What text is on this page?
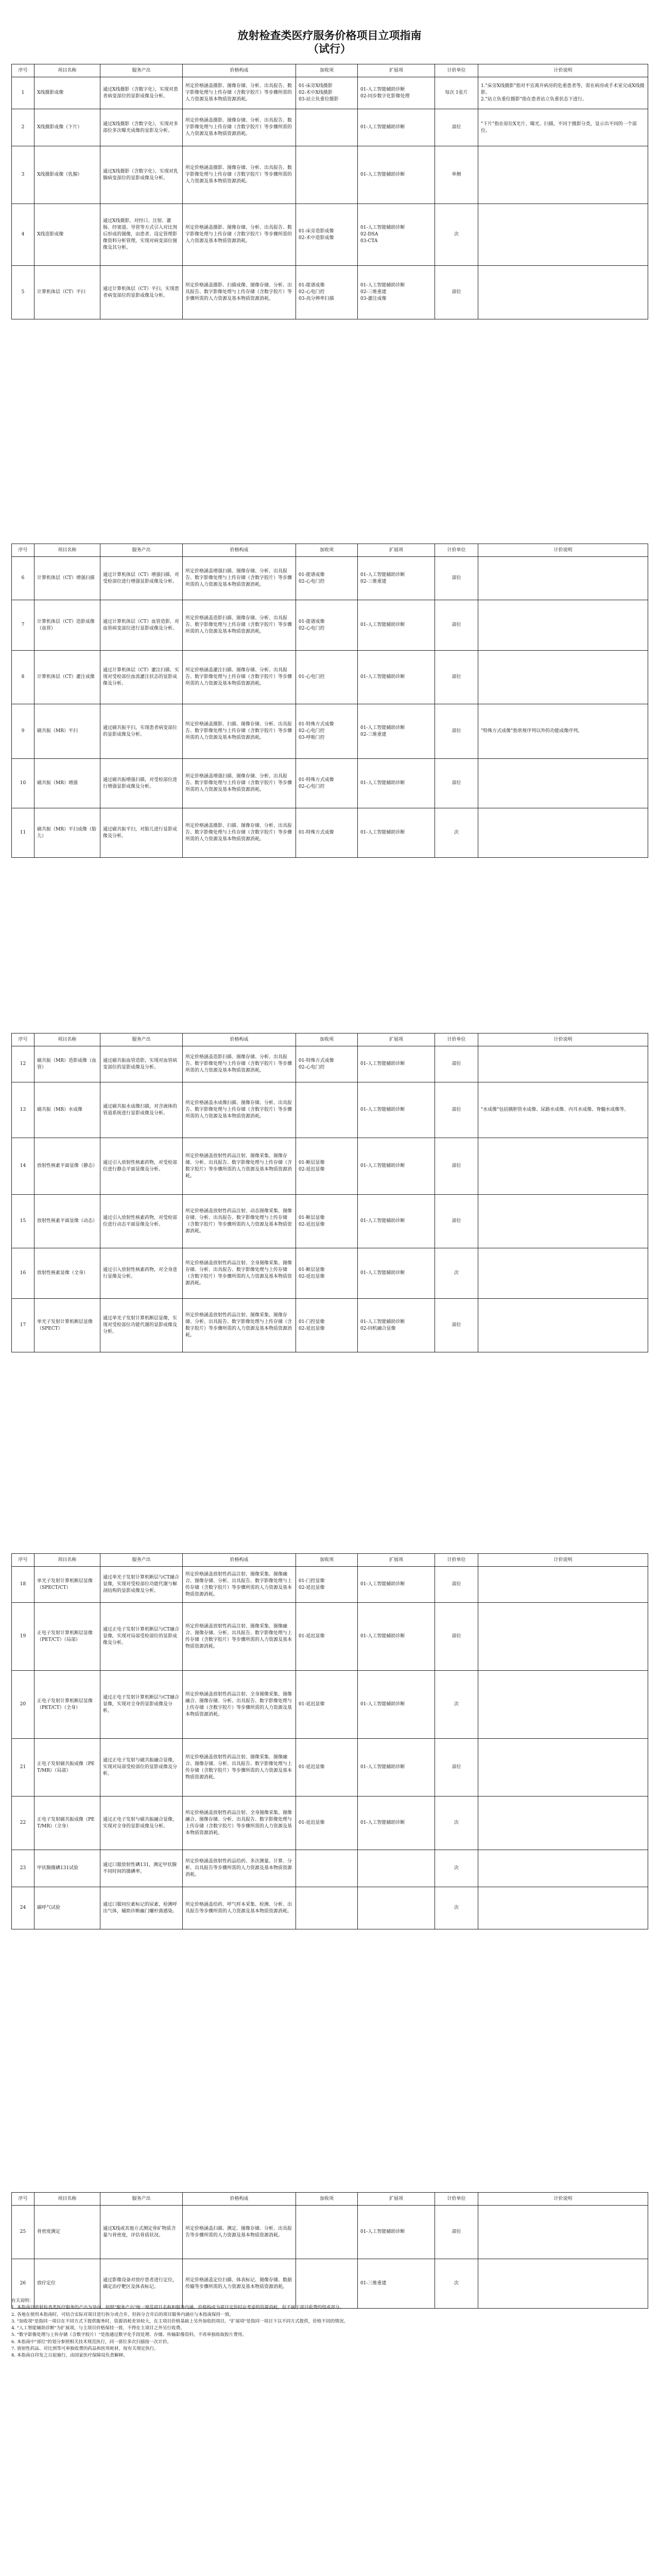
放射检查类医疗服务价格项目立项指南
（试行）
序号	项目名称	服务产出	价格构成	加收项	扩展项	计价单位	计价说明
1	X线摄影成像	通过X线摄影（含数字化），实现对患者病变部位的显影成像及分析。	所定价格涵盖摄影、图像存储、分析、出具报告、数字影像处理与上传存储（含数字胶片）等步骤所需的人力资源及基本物质资源消耗。	01-床旁X线摄影
02-术中X线摄影
03-站立负重位摄影	01-人工智能辅助诊断
02-同步数字化影像处理	每次 1张片	1."床旁X线摄影"指对不宜离开病房的危重患者等，需在病房或手术室完成X线摄影。
2."站立负重位摄影"指在患者站立负重状态下进行。
2	X线摄影成像（下片）	通过X线摄影（含数字化），实现对多部位多次曝光成像的显影及分析。	所定价格涵盖摄影、图像存储、分析、出具报告、数字影像处理与上传存储（含数字胶片）等步骤所需的人力资源及基本物质资源消耗。		01-人工智能辅助诊断	部位	"下片"指在原位X光片、曝光、扫描，不同于摄影分类，显示出不同的一个部位。
3	X线摄影成像（乳腺）	通过X线摄影（含数字化），实现对乳腺病变部位的显影成像及分析。	所定价格涵盖摄影、图像存储、分析、出具报告、数字影像处理与上传存储（含数字胶片）等步骤所需的人力资源及基本物质资源消耗。		01-人工智能辅助诊断	单侧	
4	X线造影成像	通过X线摄影，对经口、注射、灌肠、经窦道、导管等方式引入对比剂后形成的图像，由患者、设定管理影像资料分析管理，实现对病变部位图像及其分析。	所定价格涵盖摄影、图像存储、分析、出具报告、数字影像处理与上传存储（含数字胶片）等步骤所需的人力资源及基本物质资源消耗。	01-床旁造影成像
02-术中造影成像	01-人工智能辅助诊断
02-DSA
03-CTA	次	
5	计算机体层（CT）平扫	通过计算机体层（CT）平扫，实现患者病变部位的显影成像及分析。	所定价格涵盖摄影、扫描成像、图像存储、分析、出具报告、数字影像处理与上传存储（含数字胶片）等步骤所需的人力资源及基本物质资源消耗。	01-能谱成像
02-心电门控
03-高分辨率扫描	01-人工智能辅助诊断
02-三维重建
03-灌注成像	部位	
序号	项目名称	服务产出	价格构成	加收项	扩展项	计价单位	计价说明
6	计算机体层（CT）增强扫描	通过计算机体层（CT）增强扫描，对受检部位进行增强显影成像及分析。	所定价格涵盖增强扫描、图像存储、分析、出具报告、数字影像处理与上传存储（含数字胶片）等步骤所需的人力资源及基本物质资源消耗。	01-能谱成像
02-心电门控	01-人工智能辅助诊断
02-三维重建	部位	
7	计算机体层（CT）造影成像（血管）	通过计算机体层（CT）血管造影，对血管病变部位进行显影成像及分析。	所定价格涵盖造影扫描、图像存储、分析、出具报告、数字影像处理与上传存储（含数字胶片）等步骤所需的人力资源及基本物质资源消耗。	01-能谱成像
02-心电门控	01-人工智能辅助诊断	部位	
8	计算机体层（CT）灌注成像	通过计算机体层（CT）灌注扫描，实现对受检部位血流灌注状态的显影成像及分析。	所定价格涵盖灌注扫描、图像存储、分析、出具报告、数字影像处理与上传存储（含数字胶片）等步骤所需的人力资源及基本物质资源消耗。	01-心电门控	01-人工智能辅助诊断	部位	
9	磁共振（MR）平扫	通过磁共振平扫，实现患者病变部位的显影成像及分析。	所定价格涵盖摄影、扫描、图像存储、分析、出具报告、数字影像处理与上传存储（含数字胶片）等步骤所需的人力资源及基本物质资源消耗。	01-特殊方式成像
02-心电门控
03-呼吸门控	01-人工智能辅助诊断
02-三维重建	部位	"特殊方式成像"指常规序列以外的功能成像序列。
10	磁共振（MR）增强	通过磁共振增强扫描，对受检部位进行增强显影成像及分析。	所定价格涵盖增强扫描、图像存储、分析、出具报告、数字影像处理与上传存储（含数字胶片）等步骤所需的人力资源及基本物质资源消耗。	01-特殊方式成像
02-心电门控	01-人工智能辅助诊断	部位	
11	磁共振（MR）平扫成像（胎儿）	通过磁共振平扫，对胎儿进行显影成像及分析。	所定价格涵盖摄影、扫描、图像存储、分析、出具报告、数字影像处理与上传存储（含数字胶片）等步骤所需的人力资源及基本物质资源消耗。	01-特殊方式成像	01-人工智能辅助诊断	次	
序号	项目名称	服务产出	价格构成	加收项	扩展项	计价单位	计价说明
12	磁共振（MR）造影成像（血管）	通过磁共振血管造影，实现对血管病变部位的显影成像及分析。	所定价格涵盖造影扫描、图像存储、分析、出具报告、数字影像处理与上传存储（含数字胶片）等步骤所需的人力资源及基本物质资源消耗。	01-特殊方式成像
02-心电门控	01-人工智能辅助诊断	部位	
13	磁共振（MR）水成像	通过磁共振水成像扫描，对含液体的管道系统进行显影成像及分析。	所定价格涵盖水成像扫描、图像存储、分析、出具报告、数字影像处理与上传存储（含数字胶片）等步骤所需的人力资源及基本物质资源消耗。		01-人工智能辅助诊断	部位	"水成像"包括胰胆管水成像、尿路水成像、内耳水成像、脊髓水成像等。
14	放射性核素平面显像（静态）	通过引入放射性核素药物，对受检部位进行静态平面显像及分析。	所定价格涵盖放射性药品注射、图像采集、图像存储、分析、出具报告、数字影像处理与上传存储（含数字胶片）等步骤所需的人力资源及基本物质资源消耗。	01-断层显像
02-延迟显像	01-人工智能辅助诊断	部位	
15	放射性核素平面显像（动态）	通过引入放射性核素药物，对受检部位进行动态平面显像及分析。	所定价格涵盖放射性药品注射、动态图像采集、图像存储、分析、出具报告、数字影像处理与上传存储（含数字胶片）等步骤所需的人力资源及基本物质资源消耗。	01-断层显像
02-延迟显像	01-人工智能辅助诊断	部位	
16	放射性核素显像（全身）	通过引入放射性核素药物，对全身进行显像及分析。	所定价格涵盖放射性药品注射、全身图像采集、图像存储、分析、出具报告、数字影像处理与上传存储（含数字胶片）等步骤所需的人力资源及基本物质资源消耗。	01-断层显像
02-延迟显像	01-人工智能辅助诊断	次	
17	单光子发射计算机断层显像（SPECT）	通过单光子发射计算机断层显像，实现对受检部位功能代谢的显影成像及分析。	所定价格涵盖放射性药品注射、图像采集、图像存储、分析、出具报告、数字影像处理与上传存储（含数字胶片）等步骤所需的人力资源及基本物质资源消耗。	01-门控显像
02-延迟显像	01-人工智能辅助诊断
02-同机融合显像	部位	
序号	项目名称	服务产出	价格构成	加收项	扩展项	计价单位	计价说明
18	单光子发射计算机断层显像（SPECT/CT）	通过单光子发射计算机断层与CT融合显像，实现对受检部位功能代谢与解剖结构的显影成像及分析。	所定价格涵盖放射性药品注射、图像采集、图像融合、图像存储、分析、出具报告、数字影像处理与上传存储（含数字胶片）等步骤所需的人力资源及基本物质资源消耗。	01-门控显像
02-延迟显像	01-人工智能辅助诊断	部位	
19	正电子发射计算机断层显像（PET/CT）（局部）	通过正电子发射计算机断层与CT融合显像，实现对局部受检部位的显影成像及分析。	所定价格涵盖放射性药品注射、图像采集、图像融合、图像存储、分析、出具报告、数字影像处理与上传存储（含数字胶片）等步骤所需的人力资源及基本物质资源消耗。	01-延迟显像	01-人工智能辅助诊断	部位	
20	正电子发射计算机断层显像（PET/CT）（全身）	通过正电子发射计算机断层与CT融合显像，实现对全身的显影成像及分析。	所定价格涵盖放射性药品注射、全身图像采集、图像融合、图像存储、分析、出具报告、数字影像处理与上传存储（含数字胶片）等步骤所需的人力资源及基本物质资源消耗。	01-延迟显像	01-人工智能辅助诊断	次	
21	正电子发射磁共振成像（PET/MR）（局部）	通过正电子发射与磁共振融合显像，实现对局部受检部位的显影成像及分析。	所定价格涵盖放射性药品注射、图像采集、图像融合、图像存储、分析、出具报告、数字影像处理与上传存储（含数字胶片）等步骤所需的人力资源及基本物质资源消耗。	01-延迟显像	01-人工智能辅助诊断	部位	
22	正电子发射磁共振成像（PET/MR）（全身）	通过正电子发射与磁共振融合显像，实现对全身的显影成像及分析。	所定价格涵盖放射性药品注射、全身图像采集、图像融合、图像存储、分析、出具报告、数字影像处理与上传存储（含数字胶片）等步骤所需的人力资源及基本物质资源消耗。	01-延迟显像	01-人工智能辅助诊断	次	
23	甲状腺摄碘131试验	通过口服放射性碘131，测定甲状腺不同时间的摄碘率。	所定价格涵盖放射性药品给药、多次测量、计算、分析、出具报告等步骤所需的人力资源及基本物质资源消耗。			次	
24	碳呼气试验	通过口服同位素标记的尿素，检测呼出气体，辅助诊断幽门螺杆菌感染。	所定价格涵盖给药、呼气样本采集、检测、分析、出具报告等步骤所需的人力资源及基本物质资源消耗。			次	
序号	项目名称	服务产出	价格构成	加收项	扩展项	计价单位	计价说明
25	骨密度测定	通过X线或其他方式测定骨矿物质含量与骨密度，评估骨质状况。	所定价格涵盖扫描、测定、图像存储、分析、出具报告等步骤所需的人力资源及基本物质资源消耗。		01-人工智能辅助诊断	部位	
26	放疗定位	通过影像设备对放疗患者进行定位，确定治疗靶区及体表标记。	所定价格涵盖定位扫描、体表标记、图像存储、数据传输等步骤所需的人力资源及基本物质资源消耗。		01-三维重建	次	

有关说明：

1. 本指南以放射检查类医疗服务的产出为导向，按照"服务产出"统一规范项目名称和服务内涵，价格构成为项目定价时应考虑的资源消耗，但不属于项目收费的组成部分。

2. 各地在使用本指南时，可结合实际对项目进行拆分或合并，但拆分合并后的项目服务内涵应与本指南保持一致。

3. "加收项"是指同一项目在不同方式下提供服务时，资源消耗差异较大，在主项目价格基础上另外加收的项目。"扩展项"是指同一项目下以不同方式提供，价格不同的情况。

4. "人工智能辅助诊断"为扩展项，与主项目价格保持一致，不得在主项目之外另行收费。

5. "数字影像处理与上传存储（含数字胶片）"是指通过数字化手段处理、存储、传输影像资料，不再单独收取胶片费用。

6. 本指南中"部位"的划分参照相关技术规范执行，同一部位多次扫描按一次计价。

7. 放射性药品、对比剂等可单独收费的药品和医用耗材，按有关规定执行。

8. 本指南自印发之日起施行，由国家医疗保障局负责解释。
